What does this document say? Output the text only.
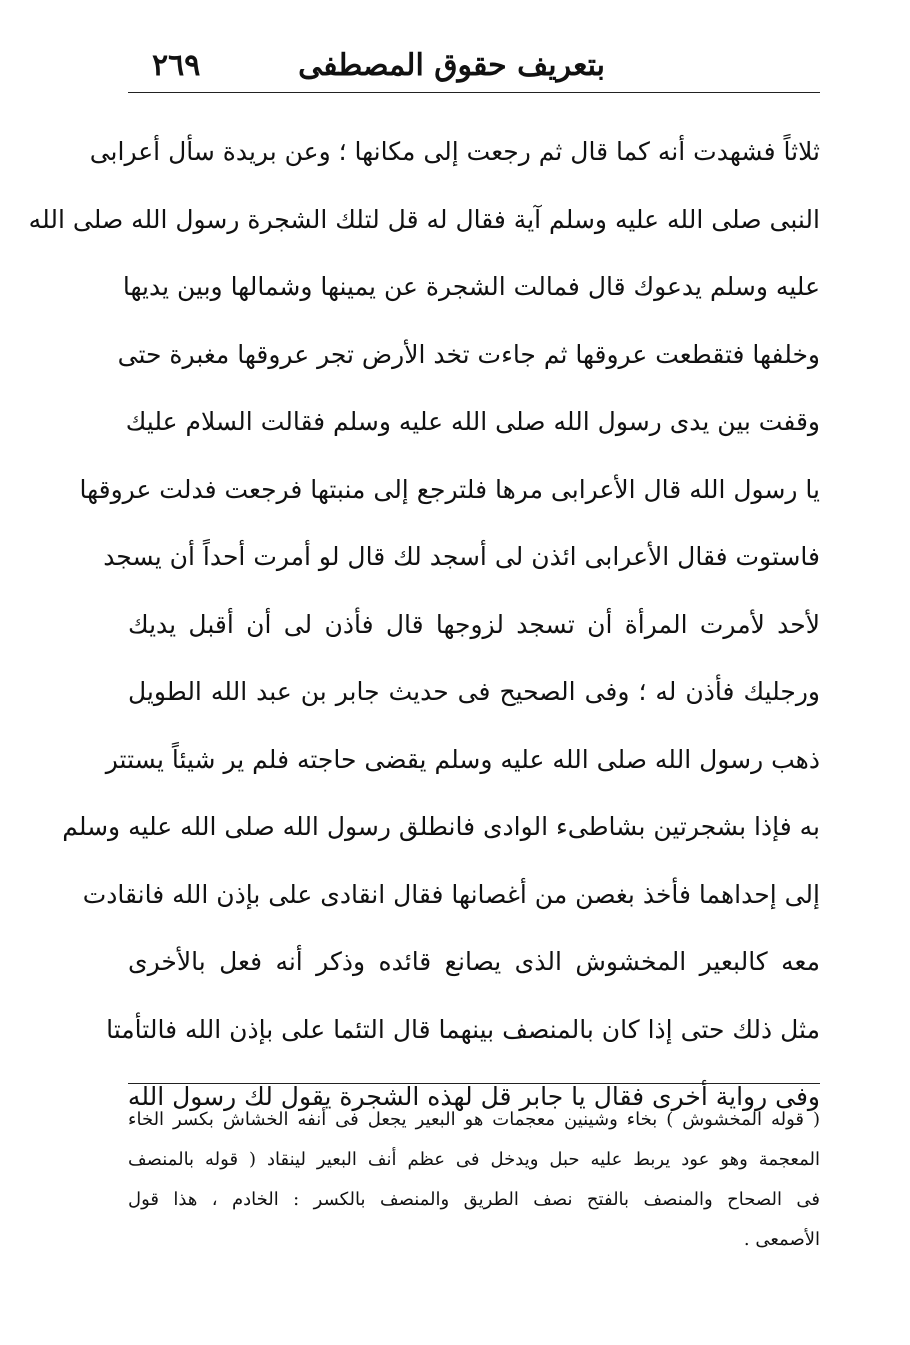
بتعريف حقوق المصطفى
٢٦٩
ثلاثاً فشهدت أنه كما قال ثم رجعت إلى مكانها ؛ وعن بريدة سأل أعرابى
النبى صلى الله عليه وسلم آية فقال له قل لتلك الشجرة رسول الله صلى الله
عليه وسلم يدعوك قال فمالت الشجرة عن يمينها وشمالها وبين يديها
وخلفها فتقطعت عروقها ثم جاءت تخد الأرض تجر عروقها مغبرة حتى
وقفت بين يدى رسول الله صلى الله عليه وسلم فقالت السلام عليك
يا رسول الله قال الأعرابى مرها فلترجع إلى منبتها فرجعت فدلت عروقها
فاستوت فقال الأعرابى ائذن لى أسجد لك قال لو أمرت أحداً أن يسجد
لأحد لأمرت المرأة أن تسجد لزوجها قال فأذن لى أن أقبل يديك
ورجليك فأذن له ؛ وفى الصحيح فى حديث جابر بن عبد الله الطويل
ذهب رسول الله صلى الله عليه وسلم يقضى حاجته فلم ير شيئاً يستتر
به فإذا بشجرتين بشاطىء الوادى فانطلق رسول الله صلى الله عليه وسلم
إلى إحداهما فأخذ بغصن من أغصانها فقال انقادى على بإذن الله فانقادت
معه كالبعير المخشوش الذى يصانع قائده وذكر أنه فعل بالأخرى
مثل ذلك حتى إذا كان بالمنصف بينهما قال التئما على بإذن الله فالتأمتا
وفى رواية أخرى فقال يا جابر قل لهذه الشجرة يقول لك رسول الله
( قوله المخشوش ) بخاء وشينين معجمات هو البعير يجعل فى أنفه الخشاش بكسر الخاء
المعجمة وهو عود يربط عليه حبل ويدخل فى عظم أنف البعير لينقاد ( قوله بالمنصف
فى الصحاح والمنصف بالفتح نصف الطريق والمنصف بالكسر : الخادم ، هذا قول
الأصمعى .
